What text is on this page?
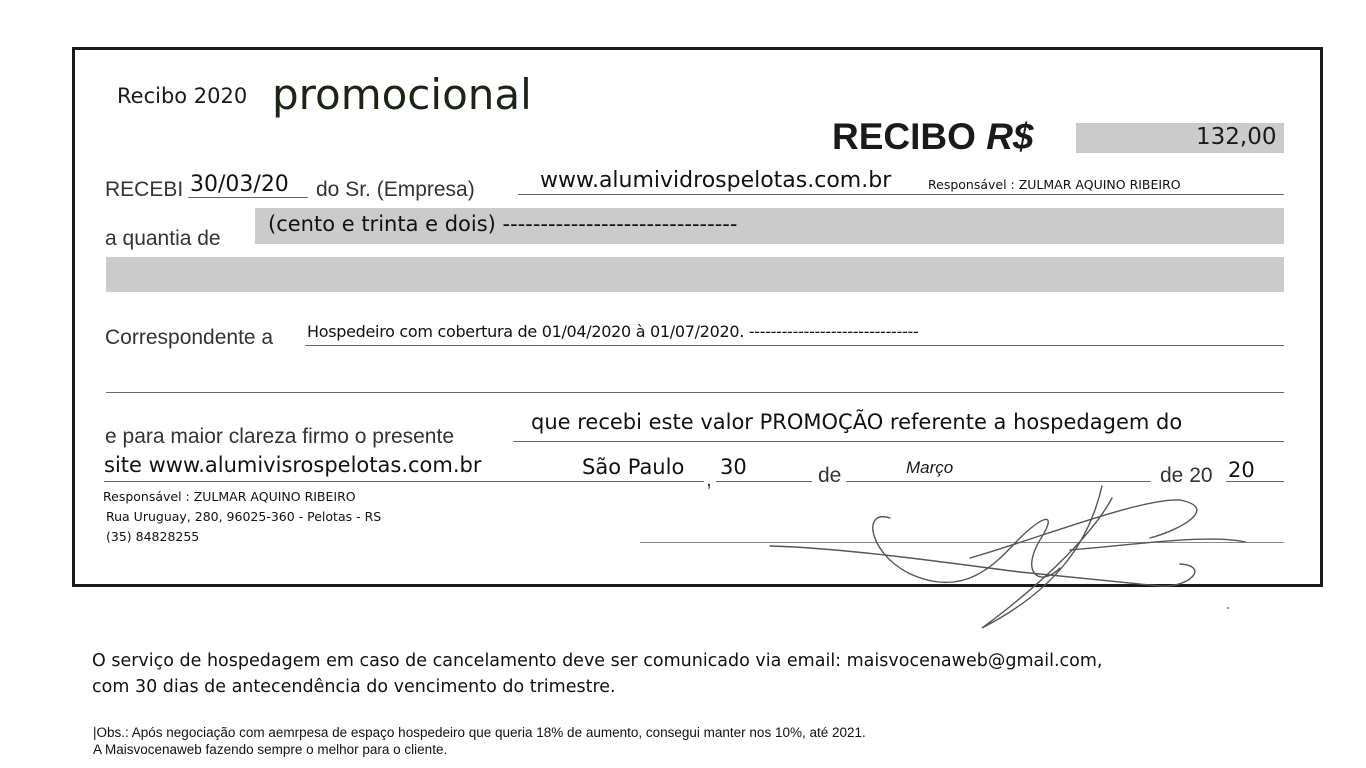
Recibo 2020 promocional
RECIBO R$	132,00
RECEBI 30/03/20 do Sr. (Empresa)	www.alumividrospelotas.com.br	Responsável : ZULMAR AQUINO RIBEIRO
a quantia de
(cento e trinta e dois) -------------------------------
Correspondente a Hospedeiro com cobertura de 01/04/2020 à 01/07/2020. -------------------------------
e para maior clareza firmo o presente
que recebi este valor PROMOÇÃO referente a hospedagem do
site www.alumivisrospelotas.com.br	São Paulo
,
30	de	Março	de 20 20
Responsável : ZULMAR AQUINO RIBEIRO
Rua Uruguay, 280, 96025-360 - Pelotas - RS
(35) 84828255
O serviço de hospedagem em caso de cancelamento deve ser comunicado via email: maisvocenaweb@gmail.com,
com 30 dias de antecendência do vencimento do trimestre.
|Obs.: Após negociação com aemrpesa de espaço hospedeiro que queria 18% de aumento, consegui manter nos 10%, até 2021.
A Maisvocenaweb fazendo sempre o melhor para o cliente.
